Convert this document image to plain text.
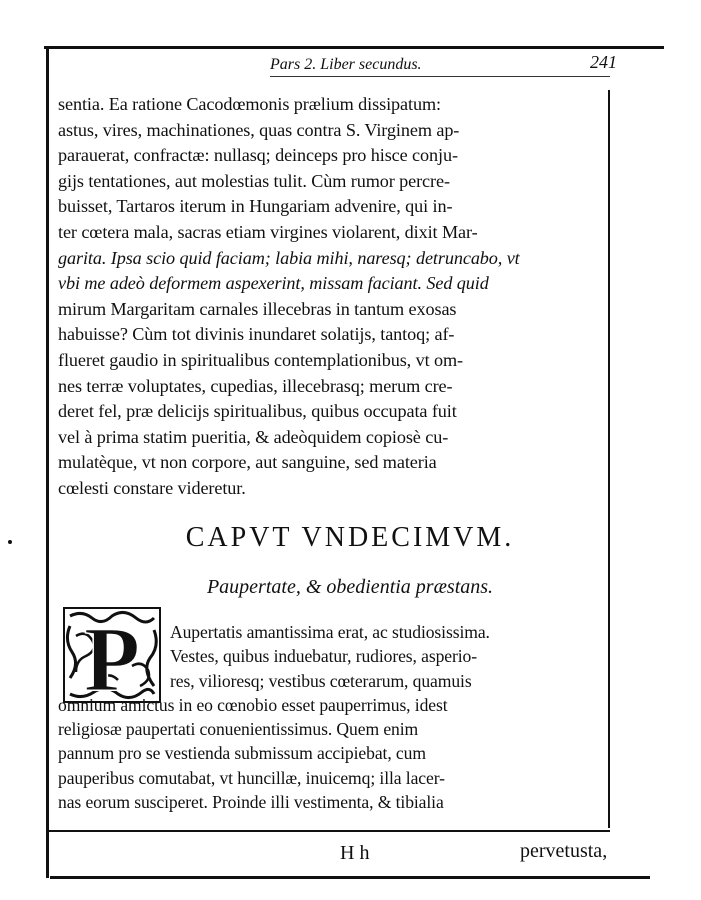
Pars 2. Liber secundus.	241
sentia. Ea ratione Cacodœmonis prælium dissipatum:
astus, vires, machinationes, quas contra S. Virginem ap-
parauerat, confractæ: nullasq; deinceps pro hisce conju-
gijs tentationes, aut molestias tulit. Cùm rumor percre-
buisset, Tartaros iterum in Hungariam advenire, qui in-
ter cœtera mala, sacras etiam virgines violarent, dixit Mar-
garita. Ipsa scio quid faciam; labia mihi, naresq; detruncabo, vt
vbi me adeò deformem aspexerint, missam faciant. Sed quid
mirum Margaritam carnales illecebras in tantum exosas
habuisse? Cùm tot divinis inundaret solatijs, tantoq; af-
flueret gaudio in spiritualibus contemplationibus, vt om-
nes terræ voluptates, cupedias, illecebrasq; merum cre-
deret fel, præ delicijs spiritualibus, quibus occupata fuit
vel à prima statim pueritia, & adeòquidem copiosè cu-
mulatèque, vt non corpore, aut sanguine, sed materia
cœlesti constare videretur.
CAPVT VNDECIMVM.
Paupertate, & obedientia præstans.
P	Aupertatis amantissima erat, ac studiosissima.
Vestes, quibus induebatur, rudiores, asperio-
res, vilioresq; vestibus cœterarum, quamuis
omnium amictus in eo cœnobio esset pauperrimus, idest
religiosæ paupertati conuenientissimus. Quem enim
pannum pro se vestienda submissum accipiebat, cum
pauperibus comutabat, vt huncillæ, inuicemq; illa lacer-
nas eorum susciperet. Proinde illi vestimenta, & tibialia
H h	pervetusta,
